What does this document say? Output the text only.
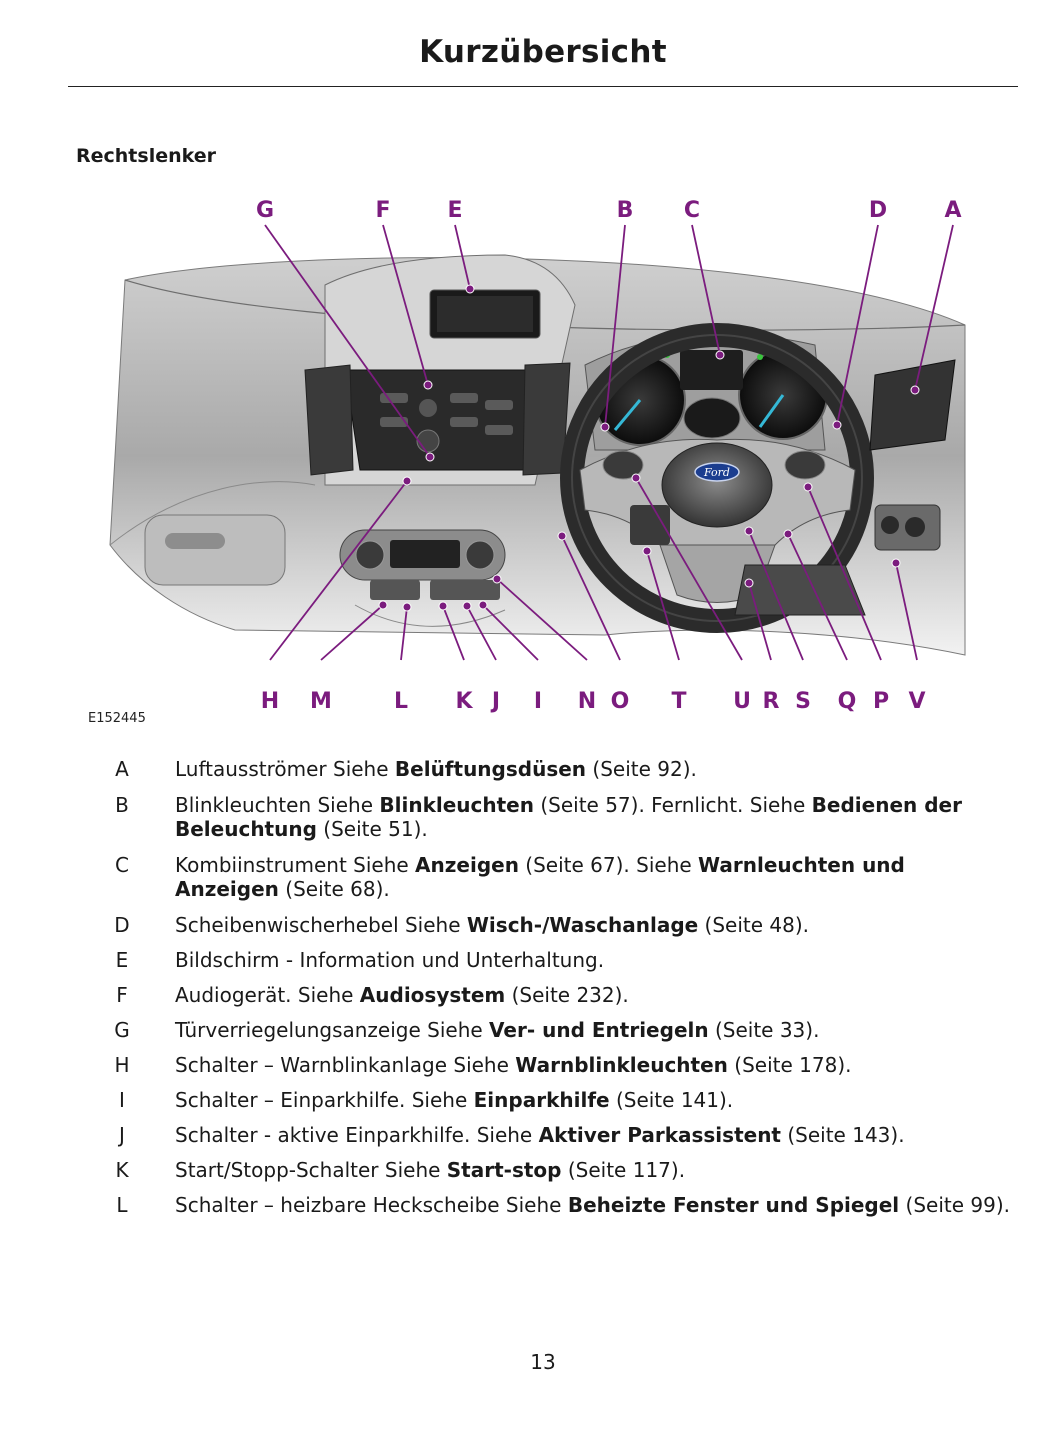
Kurzübersicht
Rechtslenker
Ford
G	F	E	B C	D	A
H M	L K J I N O T U R S Q P V
E152445
A Luftausströmer Siehe Belüftungsdüsen (Seite 92).
B Blinkleuchten Siehe Blinkleuchten (Seite 57). Fernlicht. Siehe Bedienen der Beleuchtung (Seite 51).
C Kombiinstrument Siehe Anzeigen (Seite 67). Siehe Warnleuchten und Anzeigen (Seite 68).
D Scheibenwischerhebel Siehe Wisch-/Waschanlage (Seite 48).
E Bildschirm - Information und Unterhaltung.
F Audiogerät. Siehe Audiosystem (Seite 232).
G Türverriegelungsanzeige Siehe Ver- und Entriegeln (Seite 33).
H Schalter – Warnblinkanlage Siehe Warnblinkleuchten (Seite 178).
I	Schalter – Einparkhilfe. Siehe Einparkhilfe (Seite 141).
J	Schalter - aktive Einparkhilfe. Siehe Aktiver Parkassistent (Seite 143).
K Start/Stopp-Schalter Siehe Start-stop (Seite 117).
L Schalter – heizbare Heckscheibe Siehe Beheizte Fenster und Spiegel (Seite 99).
13
